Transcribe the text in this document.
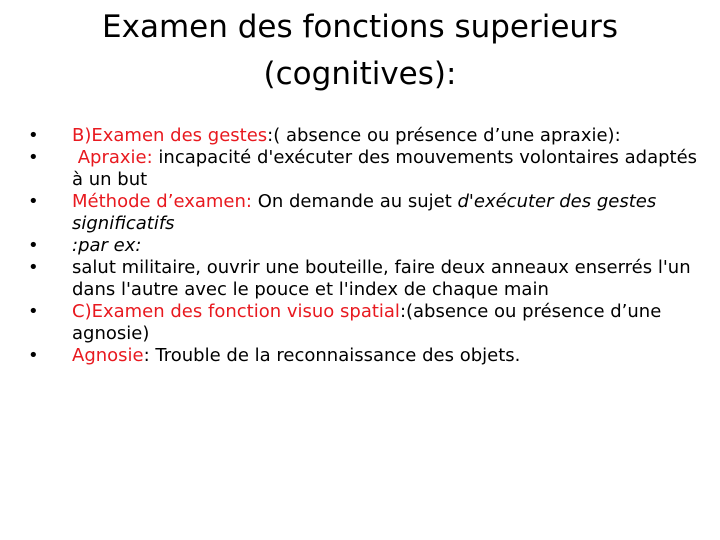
Examen des fonctions superieurs
(cognitives):
• B)Examen des gestes:( absence ou présence d’une apraxie):
• Apraxie: incapacité d'exécuter des mouvements volontaires adaptés à un but
• Méthode d’examen: On demande au sujet d'exécuter des gestes significatifs
• :par ex:
• salut militaire, ouvrir une bouteille, faire deux anneaux enserrés l'un dans l'autre avec le pouce et l'index de chaque main
• C)Examen des fonction visuo spatial:(absence ou présence d’une agnosie)
• Agnosie: Trouble de la reconnaissance des objets.
